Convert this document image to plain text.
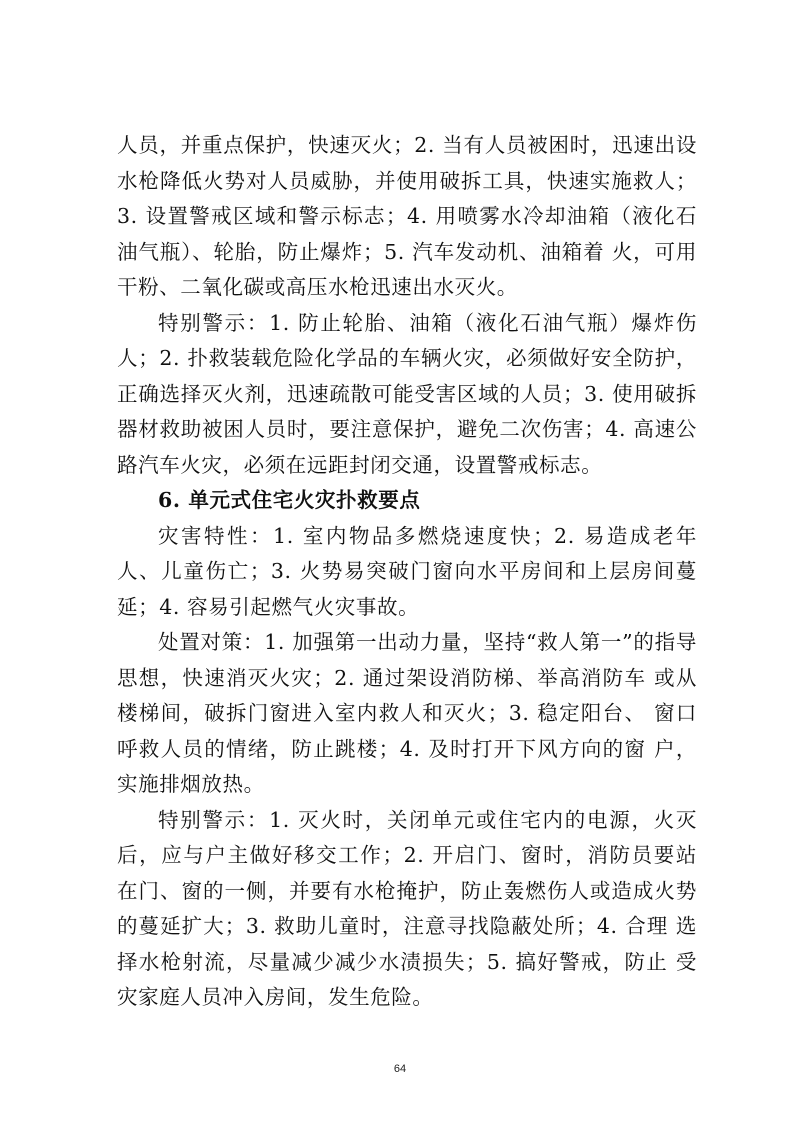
人员，并重点保护，快速灭火；2. 当有人员被困时，迅速出设水枪降低火势对人员威胁，并使用破拆工具，快速实施救人；3. 设置警戒区域和警示标志；4. 用喷雾水冷却油箱（液化石油气瓶）、轮胎，防止爆炸；5. 汽车发动机、油箱着 火，可用干粉、二氧化碳或高压水枪迅速出水灭火。

特别警示：1. 防止轮胎、油箱（液化石油气瓶）爆炸伤人；2. 扑救装载危险化学品的车辆火灾，必须做好安全防护， 正确选择灭火剂，迅速疏散可能受害区域的人员；3. 使用破拆器材救助被困人员时，要注意保护，避免二次伤害；4. 高速公路汽车火灾，必须在远距封闭交通，设置警戒标志。

6. 单元式住宅火灾扑救要点

灾害特性：1. 室内物品多燃烧速度快；2. 易造成老年人、儿童伤亡；3. 火势易突破门窗向水平房间和上层房间蔓延；4. 容易引起燃气火灾事故。

处置对策：1. 加强第一出动力量，坚持“救人第一”的指导思想，快速消灭火灾；2. 通过架设消防梯、举高消防车 或从楼梯间，破拆门窗进入室内救人和灭火；3. 稳定阳台、 窗口呼救人员的情绪，防止跳楼；4. 及时打开下风方向的窗 户，实施排烟放热。

特别警示：1. 灭火时，关闭单元或住宅内的电源，火灭后，应与户主做好移交工作；2. 开启门、窗时，消防员要站 在门、窗的一侧，并要有水枪掩护，防止轰燃伤人或造成火势的蔓延扩大；3. 救助儿童时，注意寻找隐蔽处所；4. 合理 选择水枪射流，尽量减少减少水渍损失；5. 搞好警戒，防止 受灾家庭人员冲入房间，发生危险。

64
